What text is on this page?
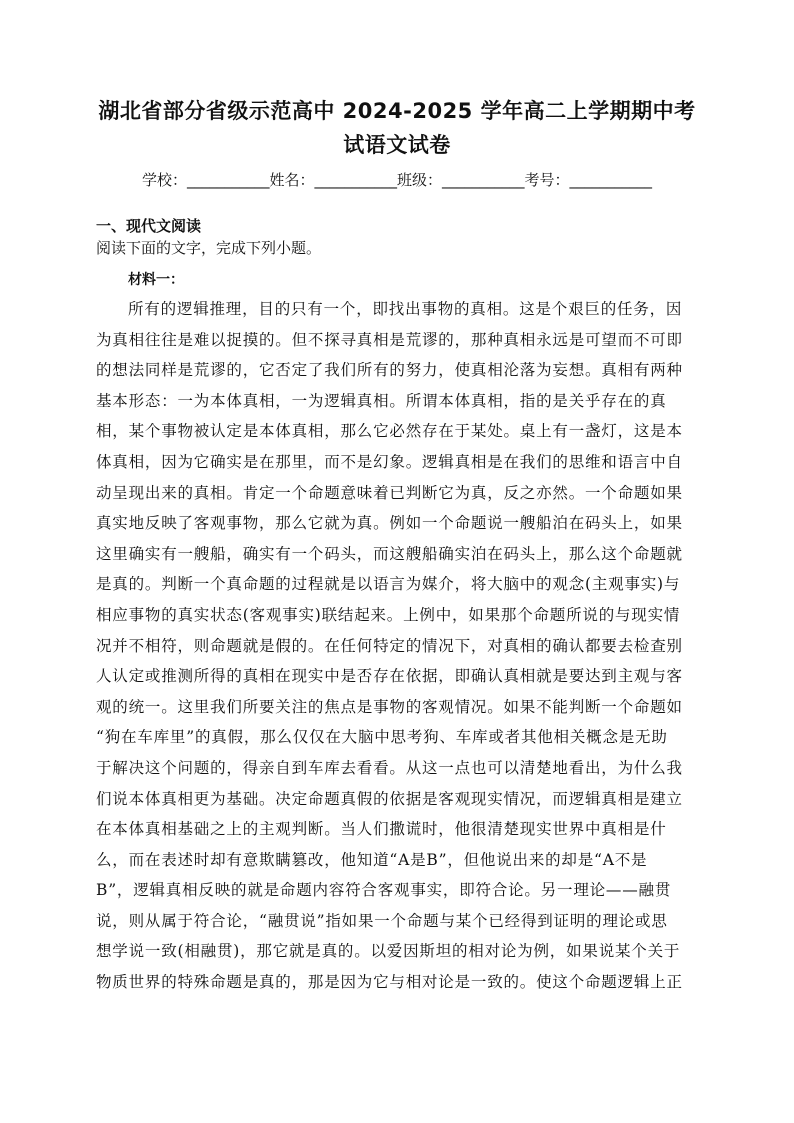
湖北省部分省级示范高中 2024-2025 学年高二上学期期中考试语文试卷
学校：___________姓名：___________班级：___________考号：___________
一、现代文阅读
阅读下面的文字，完成下列小题。
材料一：
所有的逻辑推理，目的只有一个，即找出事物的真相。这是个艰巨的任务，因
为真相往往是难以捉摸的。但不探寻真相是荒谬的，那种真相永远是可望而不可即
的想法同样是荒谬的，它否定了我们所有的努力，使真相沦落为妄想。真相有两种
基本形态：一为本体真相，一为逻辑真相。所谓本体真相，指的是关乎存在的真
相，某个事物被认定是本体真相，那么它必然存在于某处。桌上有一盏灯，这是本
体真相，因为它确实是在那里，而不是幻象。逻辑真相是在我们的思维和语言中自
动呈现出来的真相。肯定一个命题意味着已判断它为真，反之亦然。一个命题如果
真实地反映了客观事物，那么它就为真。例如一个命题说一艘船泊在码头上，如果
这里确实有一艘船，确实有一个码头，而这艘船确实泊在码头上，那么这个命题就
是真的。判断一个真命题的过程就是以语言为媒介，将大脑中的观念(主观事实)与
相应事物的真实状态(客观事实)联结起来。上例中，如果那个命题所说的与现实情
况并不相符，则命题就是假的。在任何特定的情况下，对真相的确认都要去检查别
人认定或推测所得的真相在现实中是否存在依据，即确认真相就是要达到主观与客
观的统一。这里我们所要关注的焦点是事物的客观情况。如果不能判断一个命题如
“狗在车库里”的真假，那么仅仅在大脑中思考狗、车库或者其他相关概念是无助
于解决这个问题的，得亲自到车库去看看。从这一点也可以清楚地看出，为什么我
们说本体真相更为基础。决定命题真假的依据是客观现实情况，而逻辑真相是建立
在本体真相基础之上的主观判断。当人们撒谎时，他很清楚现实世界中真相是什
么，而在表述时却有意欺瞒篡改，他知道“A是B”，但他说出来的却是“A不是
B”，逻辑真相反映的就是命题内容符合客观事实，即符合论。另一理论——融贯
说，则从属于符合论，“融贯说”指如果一个命题与某个已经得到证明的理论或思
想学说一致(相融贯)，那它就是真的。以爱因斯坦的相对论为例，如果说某个关于
物质世界的特殊命题是真的，那是因为它与相对论是一致的。使这个命题逻辑上正
